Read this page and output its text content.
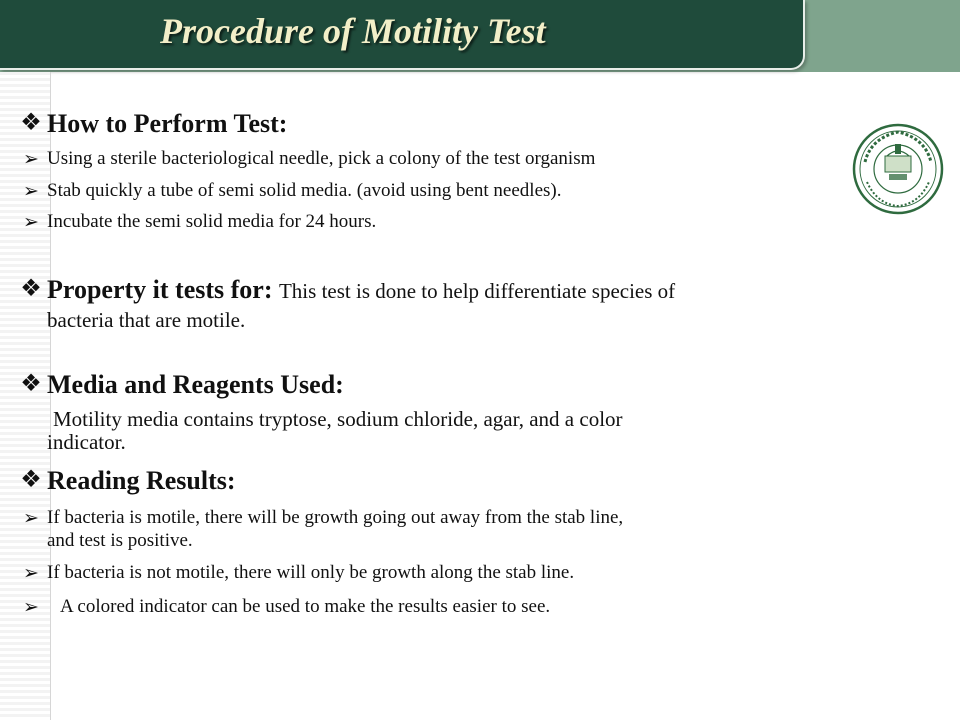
Procedure of Motility Test
❖ How to Perform Test:
➢ Using a sterile bacteriological needle, pick a colony of the test organism
➢ Stab quickly a tube of semi solid media. (avoid using bent needles).
➢ Incubate the semi solid media for 24 hours.
❖ Property it tests for: This test is done to help differentiate species of
bacteria that are motile.
❖ Media and Reagents Used:
Motility media contains tryptose, sodium chloride, agar, and a color
indicator.
❖ Reading Results:
➢ If bacteria is motile, there will be growth going out away from the stab line,
and test is positive.
➢ If bacteria is not motile, there will only be growth along the stab line.
➢ A colored indicator can be used to make the results easier to see.
